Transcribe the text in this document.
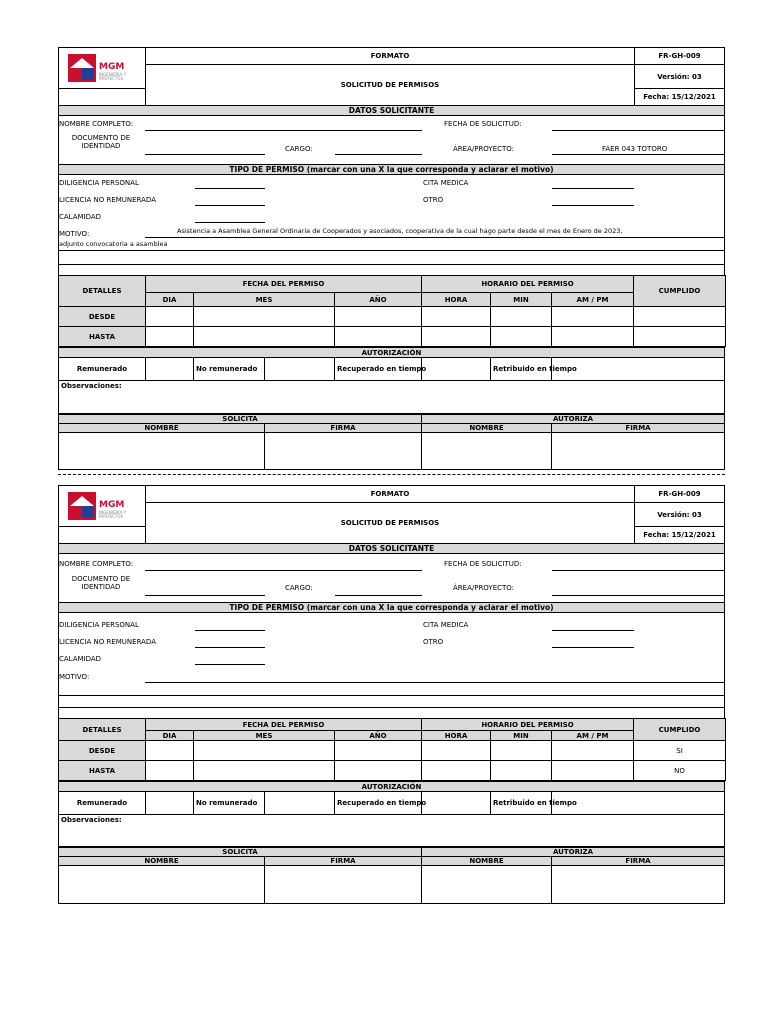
MGM
INGENIERÍA Y PROYECTOS	FORMATO	FR-GH-009
	SOLICITUD DE PERMISOS	Versión: 03
		Fecha: 15/12/2021
DATOS SOLICITANTE
NOMBRE COMPLETO:	FECHA DE SOLICITUD:
DOCUMENTO DE IDENTIDAD	CARGO:	ÁREA/PROYECTO:	FAER 043 TOTORO
TIPO DE PERMISO (marcar con una X la que corresponda y aclarar el motivo)
DILIGENCIA PERSONAL
LICENCIA NO REMUNERADA
CALAMIDAD
CITA MEDICA
OTRO
MOTIVO:	Asistencia a Asamblea General Ordinaria de Cooperados y asociados, cooperativa de la cual hago parte desde el mes de Enero de 2023,
adjunto convocatoria a asamblea
DETALLES	FECHA DEL PERMISO			HORARIO DEL PERMISO			CUMPLIDO
	DIA	MES	AÑO	HORA	MIN	AM / PM	
DESDE							
HASTA							
AUTORIZACIÓN
Remunerado		No remunerado		Recuperado en tiempo		Retribuido en tiempo	
Observaciones:
SOLICITA		AUTORIZA	
NOMBRE	FIRMA	NOMBRE	FIRMA

MGM
INGENIERÍA Y PROYECTOS	FORMATO	FR-GH-009
	SOLICITUD DE PERMISOS	Versión: 03
		Fecha: 15/12/2021
DATOS SOLICITANTE
NOMBRE COMPLETO:	FECHA DE SOLICITUD:
DOCUMENTO DE IDENTIDAD	CARGO:	ÁREA/PROYECTO:
TIPO DE PERMISO (marcar con una X la que corresponda y aclarar el motivo)
DILIGENCIA PERSONAL
LICENCIA NO REMUNERADA
CALAMIDAD
CITA MEDICA
OTRO
MOTIVO:
DETALLES	FECHA DEL PERMISO			HORARIO DEL PERMISO			CUMPLIDO
	DIA	MES	AÑO	HORA	MIN	AM / PM	
DESDE							SI
HASTA							NO
AUTORIZACIÓN
Remunerado		No remunerado		Recuperado en tiempo		Retribuido en tiempo	
Observaciones:
SOLICITA		AUTORIZA	
NOMBRE	FIRMA	NOMBRE	FIRMA
